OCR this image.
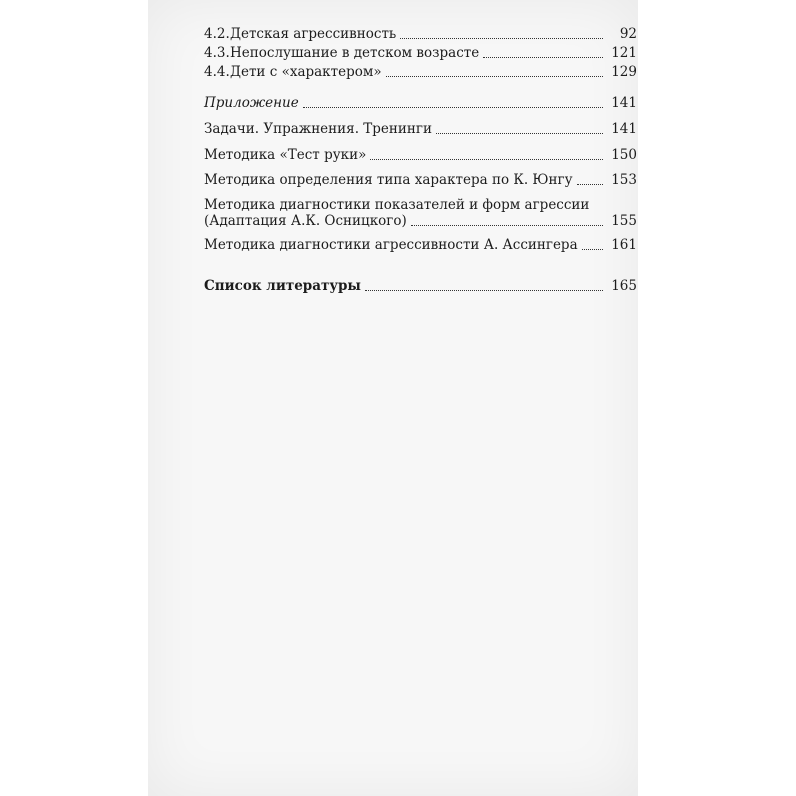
4.2. Детская агрессивность	92
4.3. Непослушание в детском возрасте	121
4.4. Дети с «характером»	129
Приложение	141
Задачи. Упражнения. Тренинги	141
Методика «Тест руки»	150
Методика определения типа характера по К. Юнгу	153
Методика диагностики показателей и форм агрессии
(Адаптация А.К. Осницкого)	155
Методика диагностики агрессивности А. Ассингера	161
Список литературы	165
